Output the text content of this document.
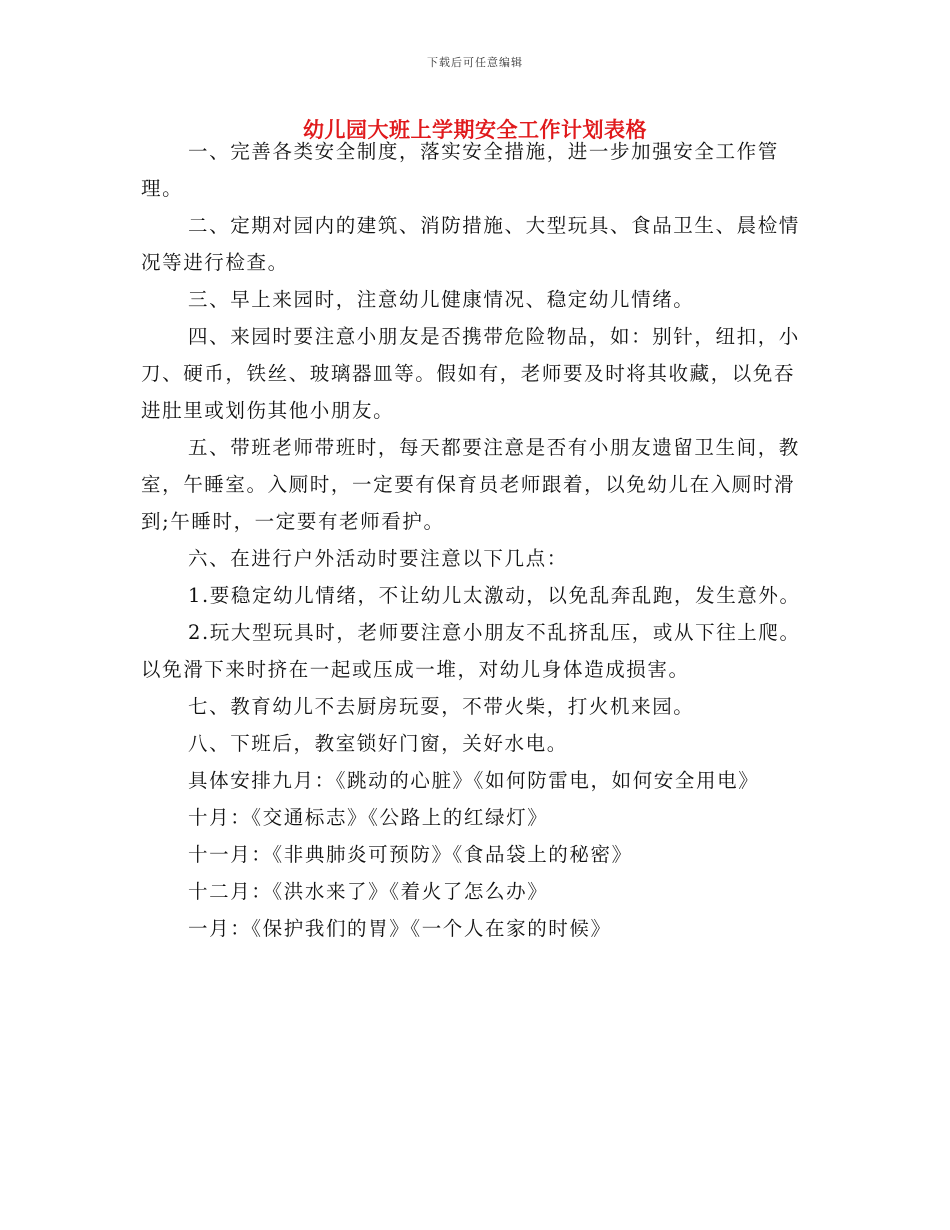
下载后可任意编辑
幼儿园大班上学期安全工作计划表格

一、完善各类安全制度，落实安全措施，进一步加强安全工作管理。

二、定期对园内的建筑、消防措施、大型玩具、食品卫生、晨检情况等进行检查。

三、早上来园时，注意幼儿健康情况、稳定幼儿情绪。

四、来园时要注意小朋友是否携带危险物品，如：别针，纽扣，小刀、硬币，铁丝、玻璃器皿等。假如有，老师要及时将其收藏，以免吞进肚里或划伤其他小朋友。

五、带班老师带班时，每天都要注意是否有小朋友遗留卫生间，教室，午睡室。入厕时，一定要有保育员老师跟着，以免幼儿在入厕时滑到;午睡时，一定要有老师看护。

六、在进行户外活动时要注意以下几点：

1.要稳定幼儿情绪，不让幼儿太激动，以免乱奔乱跑，发生意外。

2.玩大型玩具时，老师要注意小朋友不乱挤乱压，或从下往上爬。以免滑下来时挤在一起或压成一堆，对幼儿身体造成损害。

七、教育幼儿不去厨房玩耍，不带火柴，打火机来园。

八、下班后，教室锁好门窗，关好水电。

具体安排九月：《跳动的心脏》《如何防雷电，如何安全用电》

十月：《交通标志》《公路上的红绿灯》

十一月：《非典肺炎可预防》《食品袋上的秘密》

十二月：《洪水来了》《着火了怎么办》

一月：《保护我们的胃》《一个人在家的时候》
